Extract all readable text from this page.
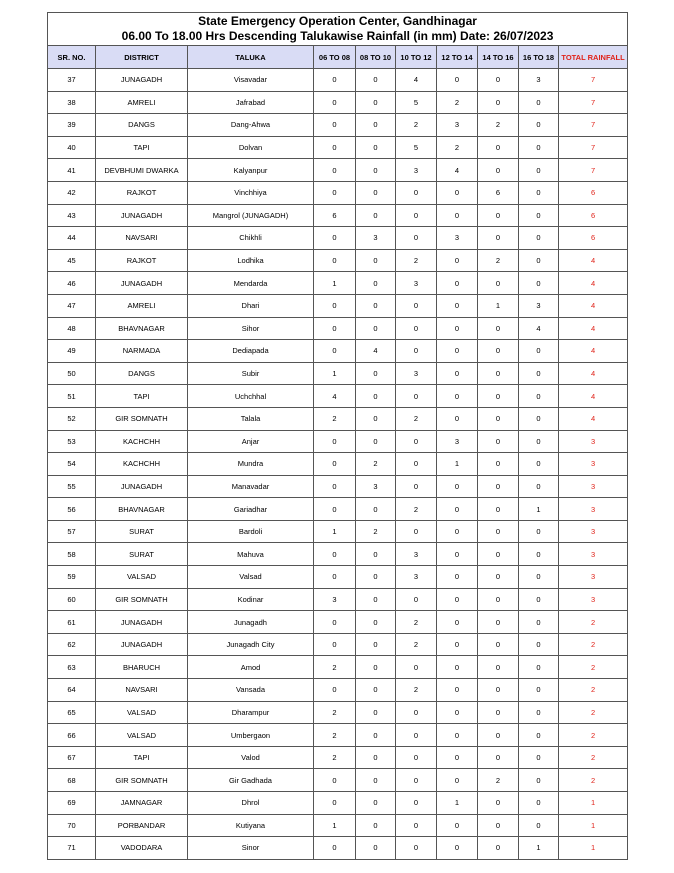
State Emergency Operation Center, Gandhinagar
06.00 To 18.00 Hrs Descending Talukawise Rainfall (in mm) Date: 26/07/2023									

SR. NO.	DISTRICT	TALUKA	06 TO 08	08 TO 10	10 TO 12	12 TO 14	14 TO 16	16 TO 18	TOTAL RAINFALL
37	JUNAGADH	Visavadar	0	0	4	0	0	3	7
38	AMRELI	Jafrabad	0	0	5	2	0	0	7
39	DANGS	Dang-Ahwa	0	0	2	3	2	0	7
40	TAPI	Dolvan	0	0	5	2	0	0	7
41	DEVBHUMI DWARKA	Kalyanpur	0	0	3	4	0	0	7
42	RAJKOT	Vinchhiya	0	0	0	0	6	0	6
43	JUNAGADH	Mangrol (JUNAGADH)	6	0	0	0	0	0	6
44	NAVSARI	Chikhli	0	3	0	3	0	0	6
45	RAJKOT	Lodhika	0	0	2	0	2	0	4
46	JUNAGADH	Mendarda	1	0	3	0	0	0	4
47	AMRELI	Dhari	0	0	0	0	1	3	4
48	BHAVNAGAR	Sihor	0	0	0	0	0	4	4
49	NARMADA	Dediapada	0	4	0	0	0	0	4
50	DANGS	Subir	1	0	3	0	0	0	4
51	TAPI	Uchchhal	4	0	0	0	0	0	4
52	GIR SOMNATH	Talala	2	0	2	0	0	0	4
53	KACHCHH	Anjar	0	0	0	3	0	0	3
54	KACHCHH	Mundra	0	2	0	1	0	0	3
55	JUNAGADH	Manavadar	0	3	0	0	0	0	3
56	BHAVNAGAR	Gariadhar	0	0	2	0	0	1	3
57	SURAT	Bardoli	1	2	0	0	0	0	3
58	SURAT	Mahuva	0	0	3	0	0	0	3
59	VALSAD	Valsad	0	0	3	0	0	0	3
60	GIR SOMNATH	Kodinar	3	0	0	0	0	0	3
61	JUNAGADH	Junagadh	0	0	2	0	0	0	2
62	JUNAGADH	Junagadh City	0	0	2	0	0	0	2
63	BHARUCH	Amod	2	0	0	0	0	0	2
64	NAVSARI	Vansada	0	0	2	0	0	0	2
65	VALSAD	Dharampur	2	0	0	0	0	0	2
66	VALSAD	Umbergaon	2	0	0	0	0	0	2
67	TAPI	Valod	2	0	0	0	0	0	2
68	GIR SOMNATH	Gir Gadhada	0	0	0	0	2	0	2
69	JAMNAGAR	Dhrol	0	0	0	1	0	0	1
70	PORBANDAR	Kutiyana	1	0	0	0	0	0	1
71	VADODARA	Sinor	0	0	0	0	0	1	1
